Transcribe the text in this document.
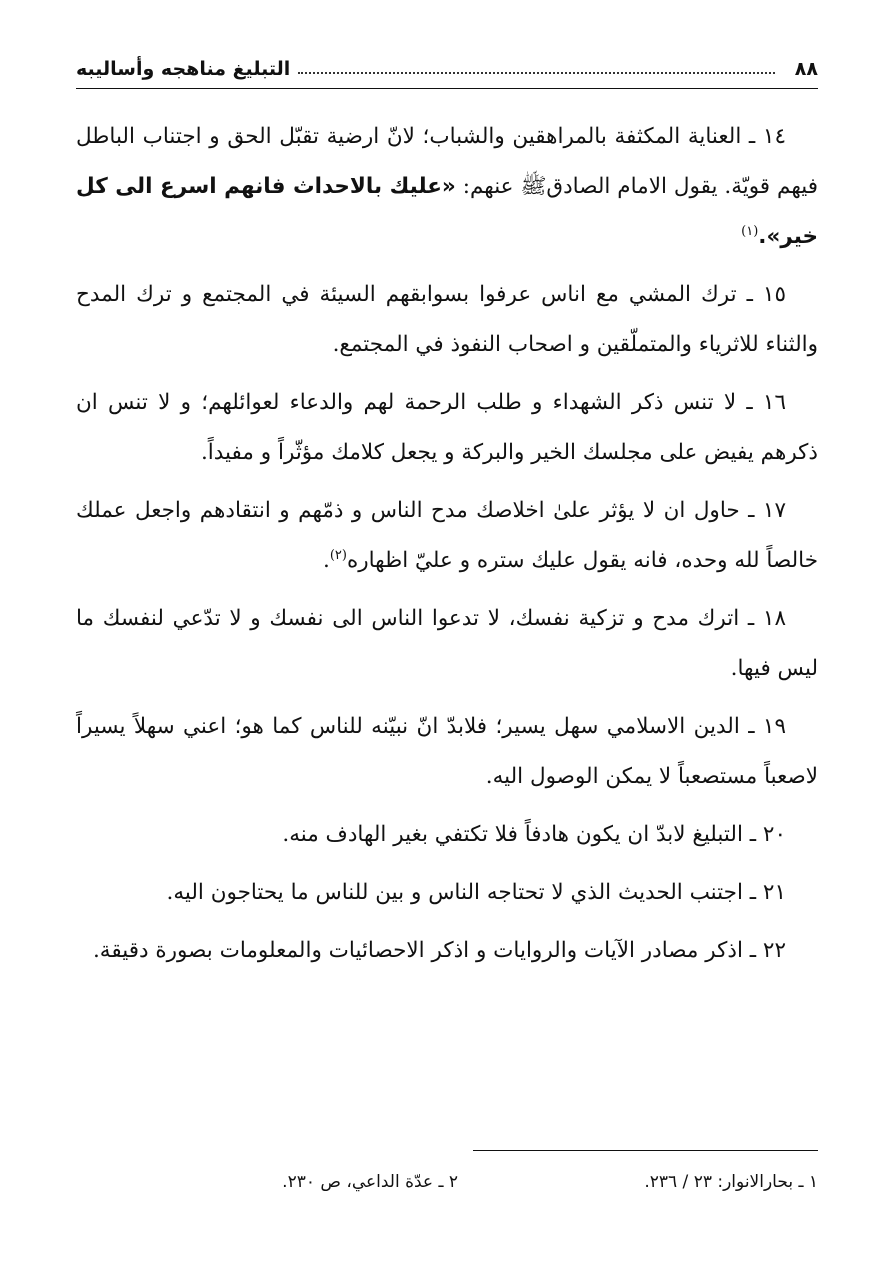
٨٨
التبليغ مناهجه وأساليبه

١٤ ـ العناية المكثفة بالمراهقين والشباب؛ لانّ ارضية تقبّل الحق و اجتناب الباطل فيهم قويّة. يقول الامام الصادقﷺ عنهم: «عليك بالاحداث فانهم اسرع الى كل خير».$^{(١)}$

١٥ ـ ترك المشي مع اناس عرفوا بسوابقهم السيئة في المجتمع و ترك المدح والثناء للاثرياء والمتملّقين و اصحاب النفوذ في المجتمع.

١٦ ـ لا تنس ذكر الشهداء و طلب الرحمة لهم والدعاء لعوائلهم؛ و لا تنس ان ذكرهم يفيض على مجلسك الخير والبركة و يجعل كلامك مؤثّراً و مفيداً.

١٧ ـ حاول ان لا يؤثر علىٰ اخلاصك مدح الناس و ذمّهم و انتقادهم واجعل عملك خالصاً لله وحده، فانه يقول عليك ستره و عليّ اظهاره$^{(٢)}$.

١٨ ـ اترك مدح و تزكية نفسك، لا تدعوا الناس الى نفسك و لا تدّعي لنفسك ما ليس فيها.

١٩ ـ الدين الاسلامي سهل يسير؛ فلابدّ انّ نبيّنه للناس كما هو؛ اعني سهلاً يسيراً لاصعباً مستصعباً لا يمكن الوصول اليه.

٢٠ ـ التبليغ لابدّ ان يكون هادفاً فلا تكتفي بغير الهادف منه.

٢١ ـ اجتنب الحديث الذي لا تحتاجه الناس و بين للناس ما يحتاجون اليه.

٢٢ ـ اذكر مصادر الآيات والروايات و اذكر الاحصائيات والمعلومات بصورة دقيقة.

١ ـ بحارالانوار: ٢٣ / ٢٣٦.
٢ ـ عدّة الداعي، ص ٢٣٠.
